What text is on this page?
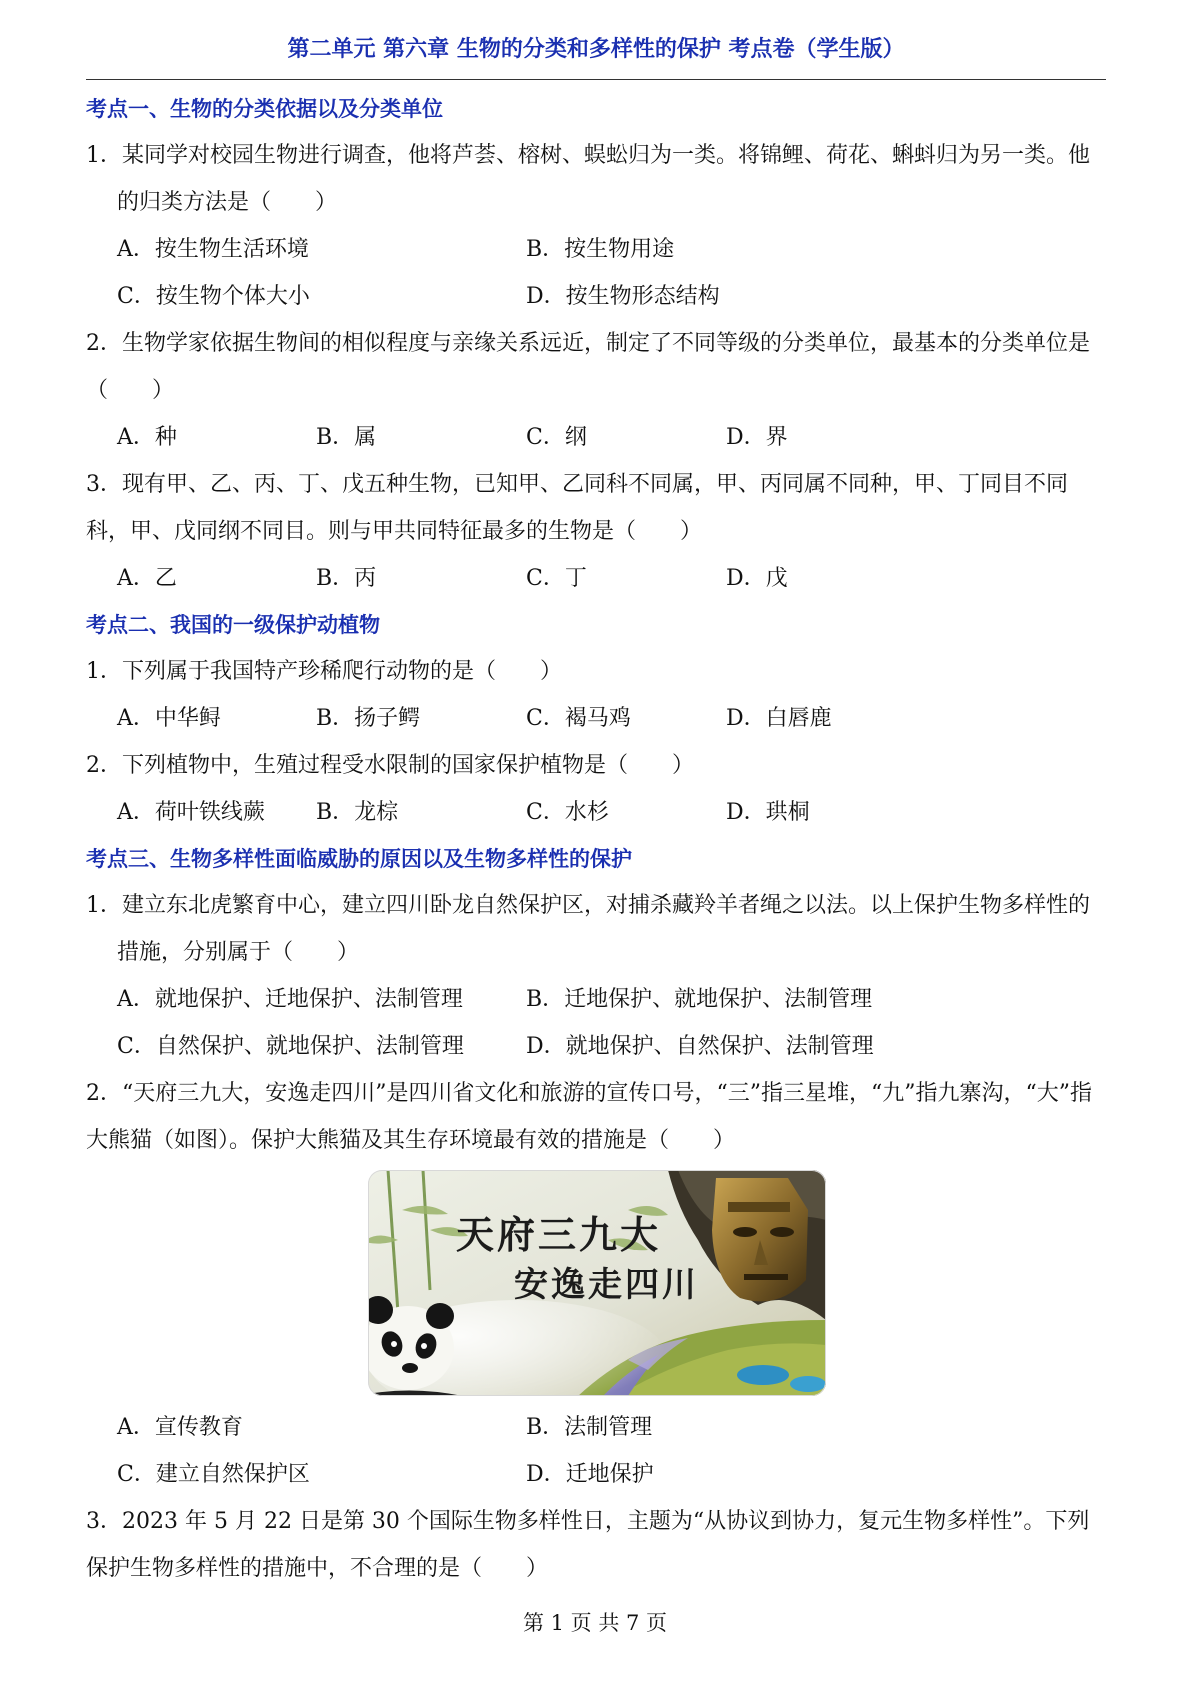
第二单元 第六章 生物的分类和多样性的保护 考点卷（学生版）
考点一、生物的分类依据以及分类单位
1．某同学对校园生物进行调查，他将芦荟、榕树、蜈蚣归为一类。将锦鲤、荷花、蝌蚪归为另一类。他的归类方法是（　　）
A．按生物生活环境	B．按生物用途
C．按生物个体大小	D．按生物形态结构
2．生物学家依据生物间的相似程度与亲缘关系远近，制定了不同等级的分类单位，最基本的分类单位是（　　）
A．种	B．属	C．纲	D．界
3．现有甲、乙、丙、丁、戊五种生物，已知甲、乙同科不同属，甲、丙同属不同种，甲、丁同目不同科，甲、戊同纲不同目。则与甲共同特征最多的生物是（　　）
A．乙	B．丙	C．丁	D．戊
考点二、我国的一级保护动植物
1．下列属于我国特产珍稀爬行动物的是（　　）
A．中华鲟	B．扬子鳄	C．褐马鸡	D．白唇鹿
2．下列植物中，生殖过程受水限制的国家保护植物是（　　）
A．荷叶铁线蕨 B．龙棕	C．水杉	D．珙桐
考点三、生物多样性面临威胁的原因以及生物多样性的保护
1．建立东北虎繁育中心，建立四川卧龙自然保护区，对捕杀藏羚羊者绳之以法。以上保护生物多样性的措施，分别属于（　　）
A．就地保护、迁地保护、法制管理	B．迁地保护、就地保护、法制管理
C．自然保护、就地保护、法制管理	D．就地保护、自然保护、法制管理
2．“天府三九大，安逸走四川”是四川省文化和旅游的宣传口号，“三”指三星堆，“九”指九寨沟，“大”指大熊猫（如图）。保护大熊猫及其生存环境最有效的措施是（　　）
天府三九大
安逸走四川
A．宣传教育	B．法制管理
C．建立自然保护区	D．迁地保护
3．2023 年 5 月 22 日是第 30 个国际生物多样性日，主题为“从协议到协力，复元生物多样性”。下列保护生物多样性的措施中，不合理的是（　　）
第 1 页 共 7 页
